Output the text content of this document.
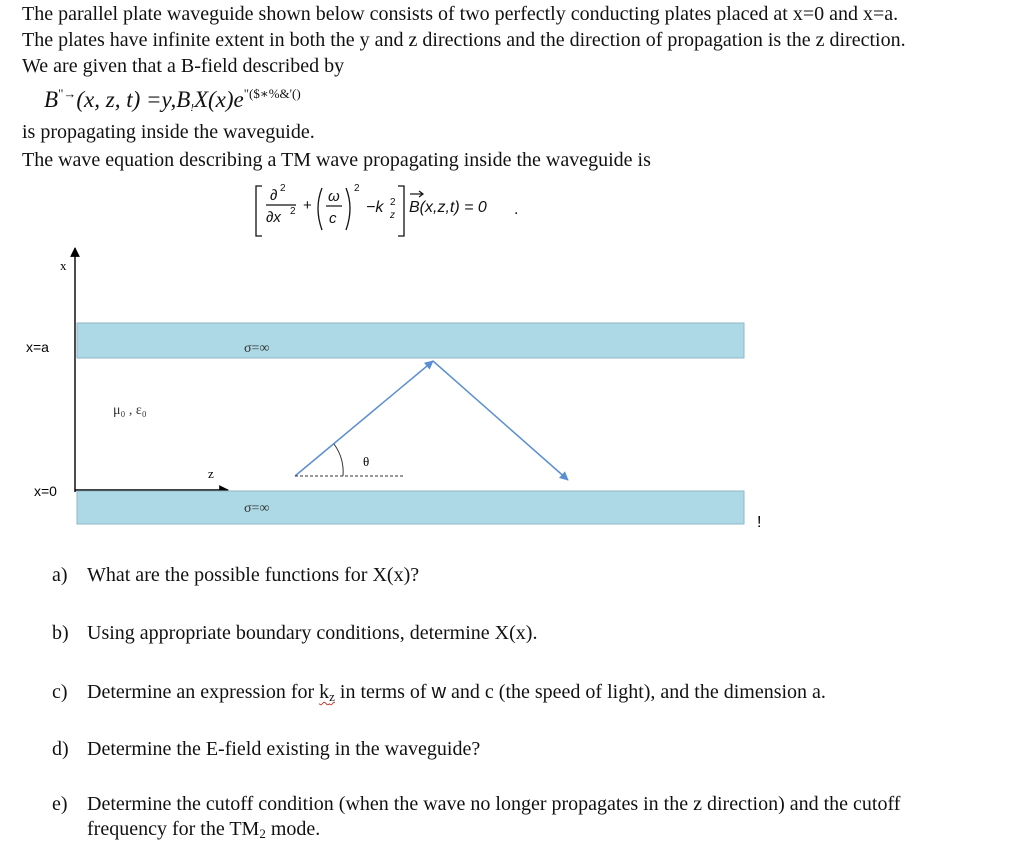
The parallel plate waveguide shown below consists of two perfectly conducting plates placed at x=0 and x=a.
The plates have infinite extent in both the y and z directions and the direction of propagation is the z direction.
We are given that a B-field described by
B"→(x, z, $t) =y,B_!X(x)e^{"(\$∗\%\&'()}$
is propagating inside the waveguide.
The wave equation describing a TM wave propagating inside the waveguide is
∂ 2
∂x 2 +
ω
c
2
−k 2
z B(x,z,t) = 0 .
x
x=a
x=0
σ=∞
σ=∞
μ₀ , ε₀
z
θ
!
a) What are the possible functions for X(x)?
b) Using appropriate boundary conditions, determine X(x).
c) Determine an expression for kz in terms of w and c (the speed of light), and the dimension a.
d) Determine the E-field existing in the waveguide?
e) Determine the cutoff condition (when the wave no longer propagates in the z direction) and the cutoff
frequency for the TM2 mode.
